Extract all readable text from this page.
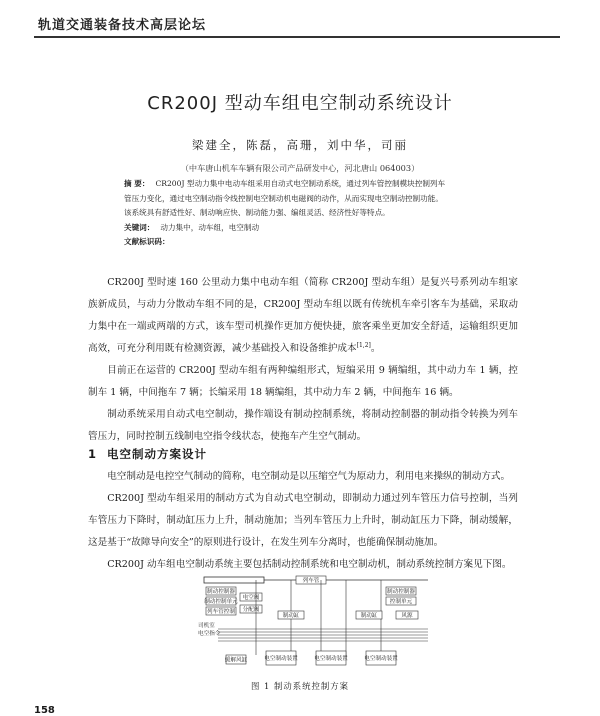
轨道交通装备技术高层论坛
CR200J 型动车组电空制动系统设计
梁建全，陈磊，高珊，刘中华，司丽
（中车唐山机车车辆有限公司产品研发中心，河北唐山 064003）

摘 要： CR200J 型动力集中电动车组采用自动式电空制动系统，通过列车管控制模块控制列车

管压力变化，通过电空制动指令线控制电空制动机电磁阀的动作，从而实现电空制动控制功能。

该系统具有舒适性好、制动响应快、制动能力强、编组灵活、经济性好等特点。

关键词： 动力集中，动车组，电空制动

文献标识码：

CR200J 型时速 160 公里动力集中电动车组（简称 CR200J 型动车组）是复兴号系列动车组家族新成员，与动力分散动车组不同的是，CR200J 型动车组以既有传统机车牵引客车为基础，采取动力集中在一端或两端的方式，该车型司机操作更加方便快捷，旅客乘坐更加安全舒适，运输组织更加高效，可充分利用既有检测资源，减少基础投入和设备维护成本[1,2]。

目前正在运营的 CR200J 型动车组有两种编组形式，短编采用 9 辆编组，其中动力车 1 辆，控制车 1 辆，中间拖车 7 辆；长编采用 18 辆编组，其中动力车 2 辆，中间拖车 16 辆。

制动系统采用自动式电空制动，操作端设有制动控制系统，将制动控制器的制动指令转换为列车管压力，同时控制五线制电空指令线状态，使拖车产生空气制动。

1 电空制动方案设计

电空制动是电控空气制动的简称，电空制动是以压缩空气为原动力，利用电来操纵的制动方式。

CR200J 型动车组采用的制动方式为自动式电空制动，即制动力通过列车管压力信号控制，当列车管压力下降时，制动缸压力上升，制动施加；当列车管压力上升时，制动缸压力下降，制动缓解，这是基于“故障导向安全”的原则进行设计，在发生列车分离时，也能确保制动施加。

CR200J 动车组电空制动系统主要包括制动控制系统和电空制动机，制动系统控制方案见下图。

列车管
制动控制器
制动控制单元
列车管控制
电空阀
分配阀
司机室
电空指令
制动控制器
控制单元
风源
制动缸	制动缸
缓解风缸	电空制动装置	电空制动装置	电空制动装置
图 1 制动系统控制方案
158
